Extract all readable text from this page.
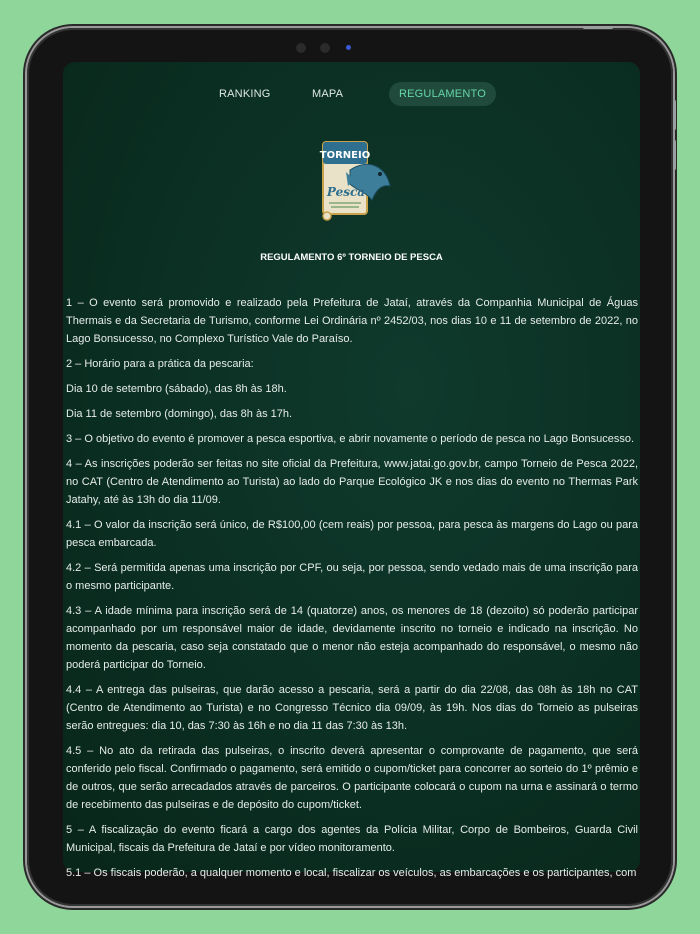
RANKING	MAPA	REGULAMENTO
TORNEIO
Pesca
REGULAMENTO 6º TORNEIO DE PESCA

1 – O evento será promovido e realizado pela Prefeitura de Jataí, através da Companhia Municipal de Águas Thermais e da Secretaria de Turismo, conforme Lei Ordinária nº 2452/03, nos dias 10 e 11 de setembro de 2022, no Lago Bonsucesso, no Complexo Turístico Vale do Paraíso.

2 – Horário para a prática da pescaria:

Dia 10 de setembro (sábado), das 8h às 18h.

Dia 11 de setembro (domingo), das 8h às 17h.

3 – O objetivo do evento é promover a pesca esportiva, e abrir novamente o período de pesca no Lago Bonsucesso.

4 – As inscrições poderão ser feitas no site oficial da Prefeitura, www.jatai.go.gov.br, campo Torneio de Pesca 2022, no CAT (Centro de Atendimento ao Turista) ao lado do Parque Ecológico JK e nos dias do evento no Thermas Park Jatahy, até às 13h do dia 11/09.

4.1 – O valor da inscrição será único, de R$100,00 (cem reais) por pessoa, para pesca às margens do Lago ou para pesca embarcada.

4.2 – Será permitida apenas uma inscrição por CPF, ou seja, por pessoa, sendo vedado mais de uma inscrição para o mesmo participante.

4.3 – A idade mínima para inscrição será de 14 (quatorze) anos, os menores de 18 (dezoito) só poderão participar acompanhado por um responsável maior de idade, devidamente inscrito no torneio e indicado na inscrição. No momento da pescaria, caso seja constatado que o menor não esteja acompanhado do responsável, o mesmo não poderá participar do Torneio.

4.4 – A entrega das pulseiras, que darão acesso a pescaria, será a partir do dia 22/08, das 08h às 18h no CAT (Centro de Atendimento ao Turista) e no Congresso Técnico dia 09/09, às 19h. Nos dias do Torneio as pulseiras serão entregues: dia 10, das 7:30 às 16h e no dia 11 das 7:30 às 13h.

4.5 – No ato da retirada das pulseiras, o inscrito deverá apresentar o comprovante de pagamento, que será conferido pelo fiscal. Confirmado o pagamento, será emitido o cupom/ticket para concorrer ao sorteio do 1º prêmio e de outros, que serão arrecadados através de parceiros. O participante colocará o cupom na urna e assinará o termo de recebimento das pulseiras e de depósito do cupom/ticket.

5 – A fiscalização do evento ficará a cargo dos agentes da Polícia Militar, Corpo de Bombeiros, Guarda Civil Municipal, fiscais da Prefeitura de Jataí e por vídeo monitoramento.

5.1 – Os fiscais poderão, a qualquer momento e local, fiscalizar os veículos, as embarcações e os participantes, com
